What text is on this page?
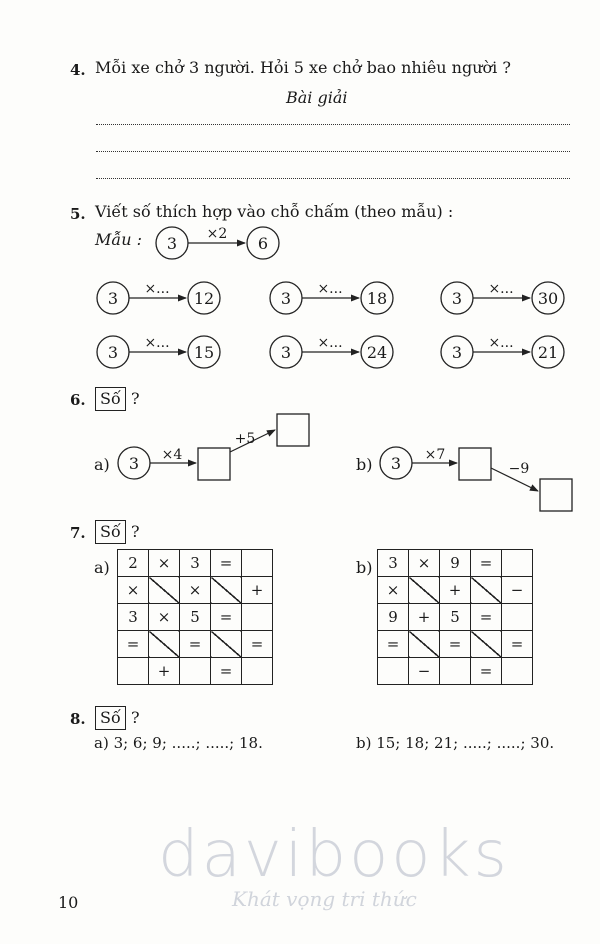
4. Mỗi xe chở 3 người. Hỏi 5 xe chở bao nhiêu người ?
Bài giải
5. Viết số thích hợp vào chỗ chấm (theo mẫu) :
Mẫu : 3 ×2 6
3 ×... 12	3 ×... 18	3 ×... 30
3 ×... 15	3 ×... 24	3 ×... 21
3 ×4
+5
3 ×7
−9
6. Số ?
a)	b)
7. Số ?
a)	b)
2	×	3	=	
×		×		+
3	×	5	=	
=		=		=
	+		=	
3	×	9	=	
×		+		−
9	+	5	=	
=		=		=
	−		=	
8. Số ?
a) 3; 6; 9; .....; .....; 18.	b) 15; 18; 21; .....; .....; 30.
davibooks
Khát vọng tri thức
10
